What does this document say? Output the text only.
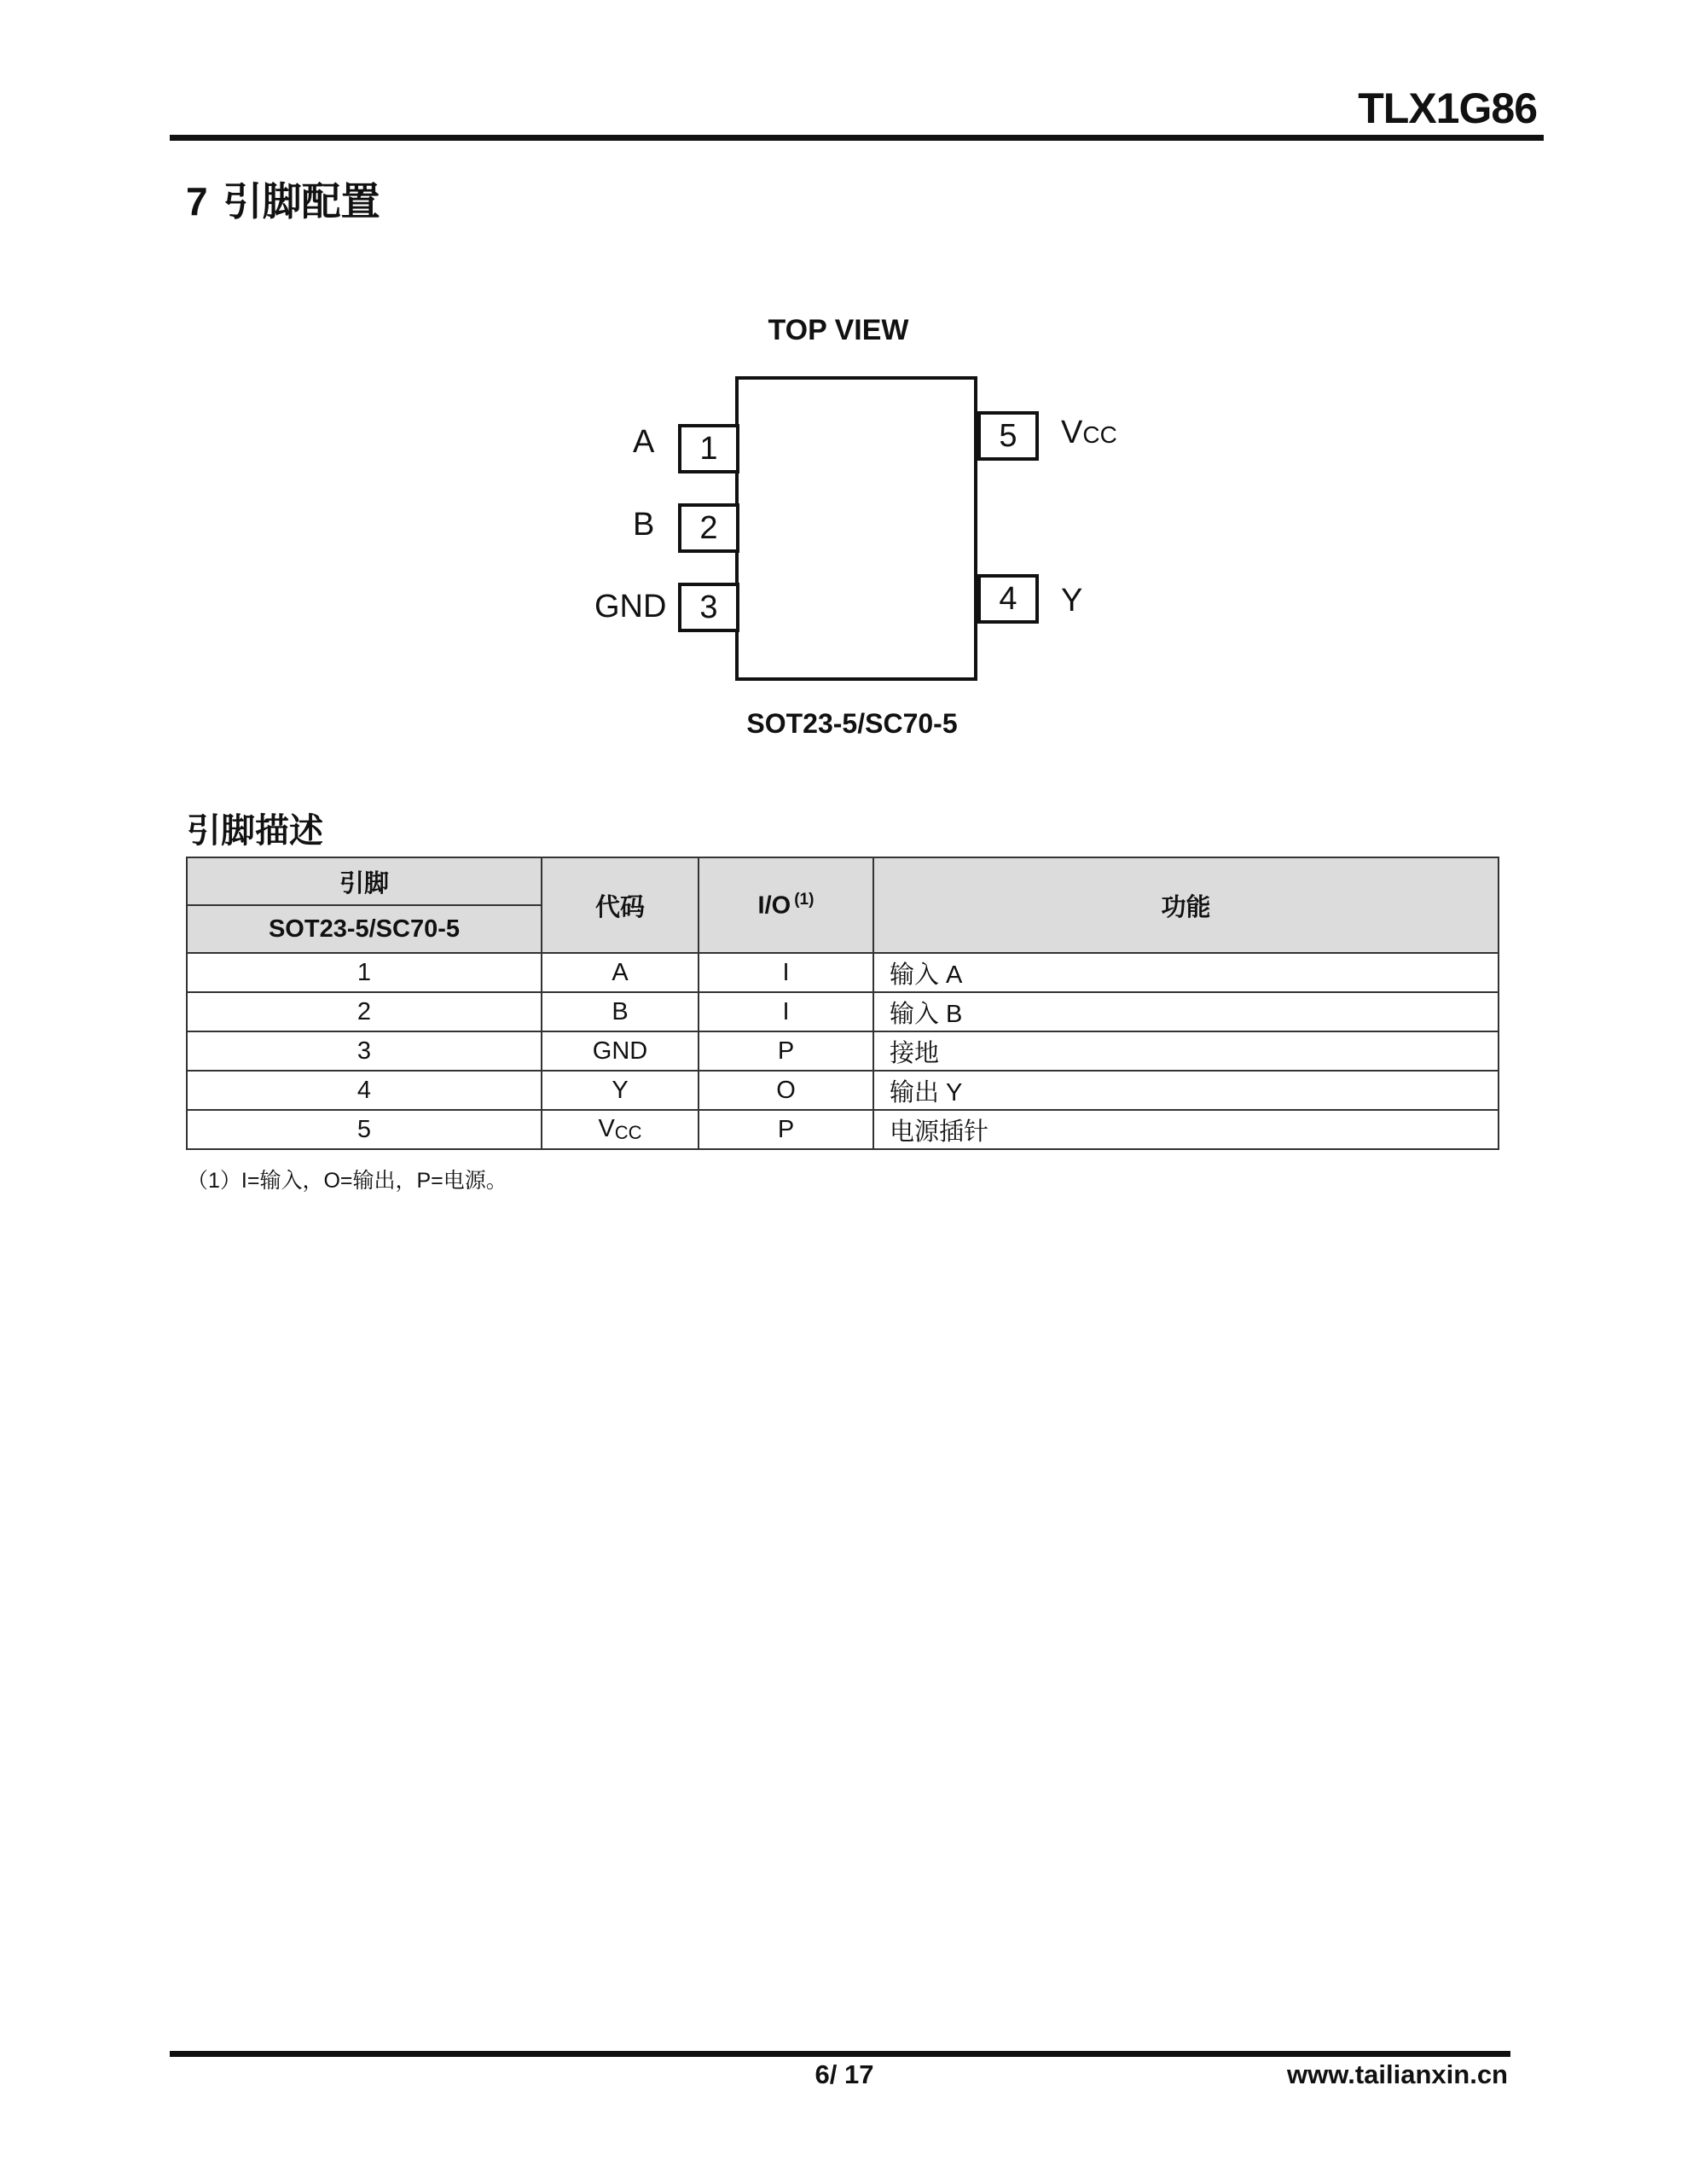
TLX1G86
7 引脚配置
TOP VIEW
1
2
3	4
5
A
B
GND	Y
VCC
SOT23-5/SC70-5
引脚描述
引脚	代码	I/O $^{(1)}$	功能
SOT23-5/SC70-5			
1	A	I	输入 A
2	B	I	输入 B
3	GND	P	接地
4	Y	O	输出 Y
5	VCC	P	电源插针
（1）I=输入，O=输出，P=电源。
6/ 17	www.tailianxin.cn
